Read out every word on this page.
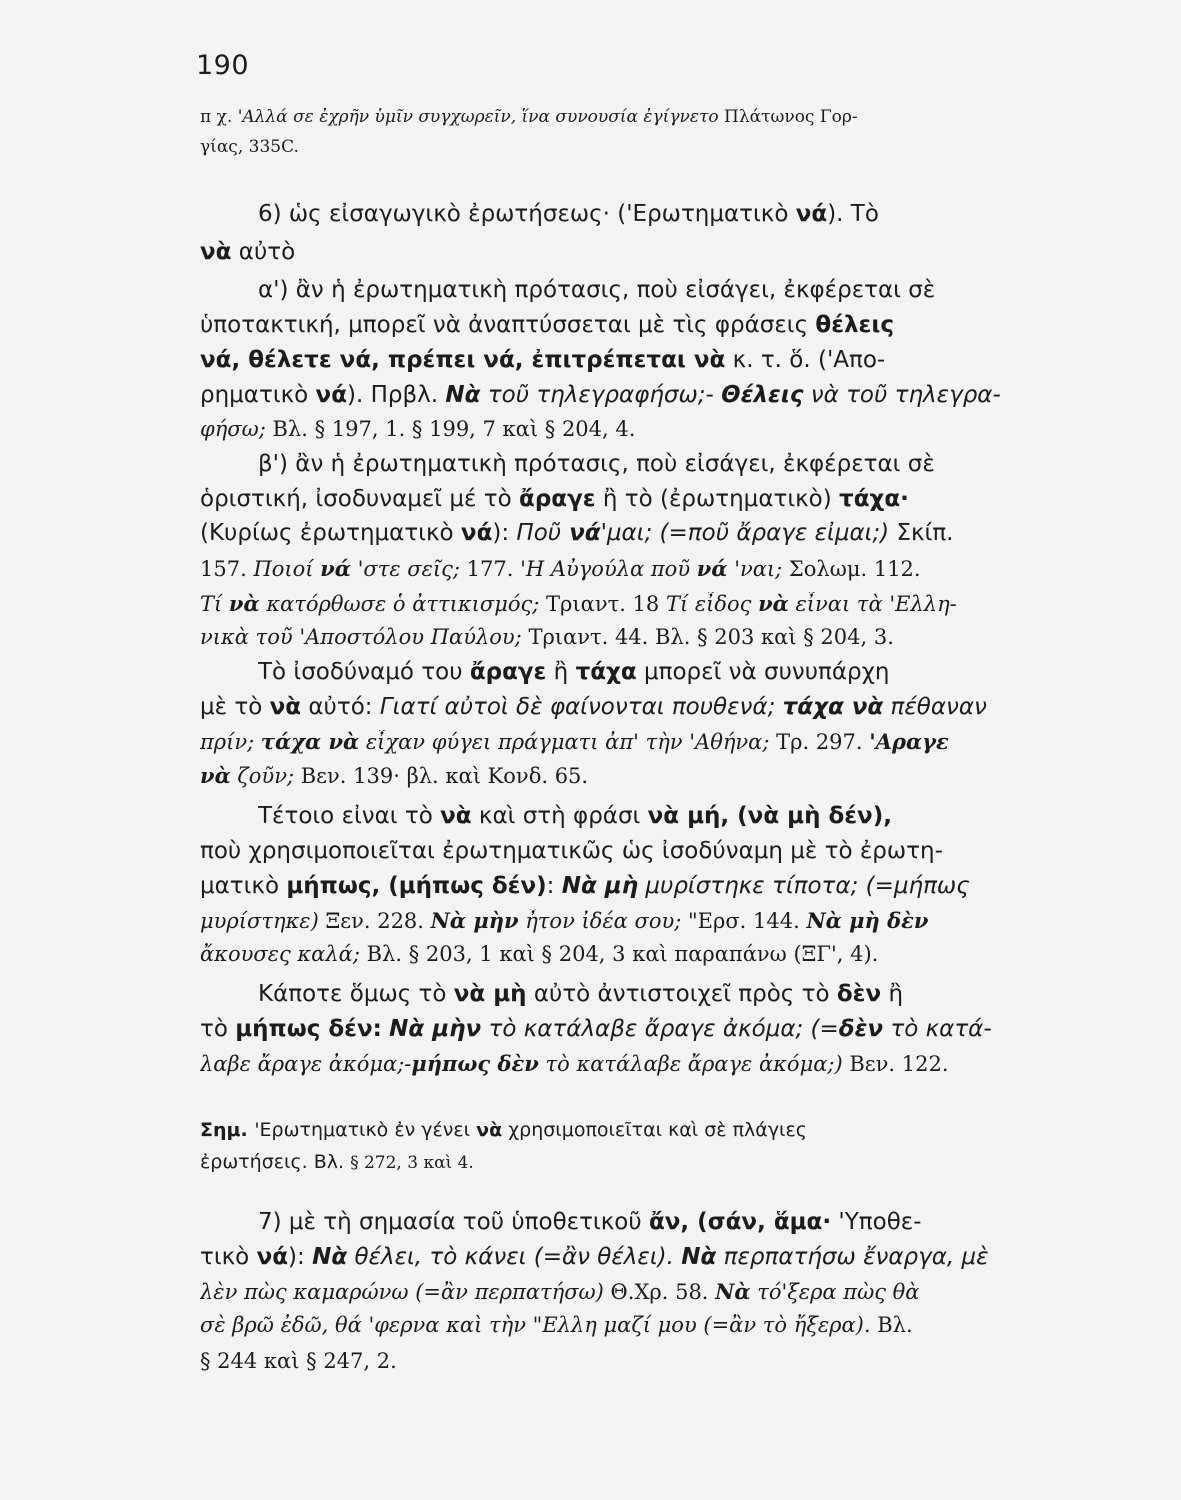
190
π χ. 'Αλλά σε ἐχρῆν ὑμῖν συγχωρεῖν, ἵνα συνουσία ἐγίγνετο Πλάτωνος Γορ-
γίας, 335C.
6) ὡς εἰσαγωγικὸ ἐρωτήσεως· ('Ερωτηματικὸ νά). Τὸ
νὰ αὐτὸ
α') ἂν ἡ ἐρωτηματικὴ πρότασις, ποὺ εἰσάγει, ἐκφέρεται σὲ
ὑποτακτική, μπορεῖ νὰ ἀναπτύσσεται μὲ τὶς φράσεις θέλεις
νά, θέλετε νά, πρέπει νά, ἐπιτρέπεται νὰ κ. τ. ὅ. ('Απο-
ρηματικὸ νά). Πρβλ. Νὰ τοῦ τηλεγραφήσω;- Θέλεις νὰ τοῦ τηλεγρα-
φήσω; Βλ. § 197, 1. § 199, 7 καὶ § 204, 4.
β') ἂν ἡ ἐρωτηματικὴ πρότασις, ποὺ εἰσάγει, ἐκφέρεται σὲ
ὁριστική, ἰσοδυναμεῖ μέ τὸ ἄραγε ἢ τὸ (ἐρωτηματικὸ) τάχα·
(Κυρίως ἐρωτηματικὸ νά): Ποῦ νά'μαι; (=ποῦ ἄραγε εἶμαι;) Σκίπ.
157. Ποιοί νά 'στε σεῖς; 177. 'Η Αὐγούλα ποῦ νά 'ναι; Σολωμ. 112.
Τί νὰ κατόρθωσε ὁ ἀττικισμός; Τριαντ. 18 Τί εἶδος νὰ εἶναι τὰ 'Ελλη-
νικὰ τοῦ 'Αποστόλου Παύλου; Τριαντ. 44. Βλ. § 203 καὶ § 204, 3.
Τὸ ἰσοδύναμό του ἄραγε ἢ τάχα μπορεῖ νὰ συνυπάρχη
μὲ τὸ νὰ αὐτό: Γιατί αὐτοὶ δὲ φαίνονται πουθενά; τάχα νὰ πέθαναν
πρίν; τάχα νὰ εἶχαν φύγει πράγματι ἀπ' τὴν 'Αθήνα; Τρ. 297. 'Αραγε
νὰ ζοῦν; Βεν. 139· βλ. καὶ Κονδ. 65.
Τέτοιο εἶναι τὸ νὰ καὶ στὴ φράσι νὰ μή, (νὰ μὴ δέν),
ποὺ χρησιμοποιεῖται ἐρωτηματικῶς ὡς ἰσοδύναμη μὲ τὸ ἐρωτη-
ματικὸ μήπως, (μήπως δέν): Νὰ μὴ μυρίστηκε τίποτα; (=μήπως
μυρίστηκε) Ξεν. 228. Νὰ μὴν ἦτον ἰδέα σου; "Ερσ. 144. Νὰ μὴ δὲν
ἄκουσες καλά; Βλ. § 203, 1 καὶ § 204, 3 καὶ παραπάνω (ΞΓ', 4).
Κάποτε ὅμως τὸ νὰ μὴ αὐτὸ ἀντιστοιχεῖ πρὸς τὸ δὲν ἢ
τὸ μήπως δέν: Νὰ μὴν τὸ κατάλαβε ἄραγε ἀκόμα; (=δὲν τὸ κατά-
λαβε ἄραγε ἀκόμα;-μήπως δὲν τὸ κατάλαβε ἄραγε ἀκόμα;) Βεν. 122.
Σημ. 'Ερωτηματικὸ ἐν γένει νὰ χρησιμοποιεῖται καὶ σὲ πλάγιες
ἐρωτήσεις. Βλ. § 272, 3 καὶ 4.
7) μὲ τὴ σημασία τοῦ ὑποθετικοῦ ἄν, (σάν, ἅμα· 'Υποθε-
τικὸ νά): Νὰ θέλει, τὸ κάνει (=ἂν θέλει). Νὰ περπατήσω ἔναργα, μὲ
λὲν πὼς καμαρώνω (=ἂν περπατήσω) Θ.Χρ. 58. Νὰ τό'ξερα πὼς θὰ
σὲ βρῶ ἐδῶ, θά 'φερνα καὶ τὴν "Ελλη μαζί μου (=ἂν τὸ ἤξερα). Βλ.
§ 244 καὶ § 247, 2.
